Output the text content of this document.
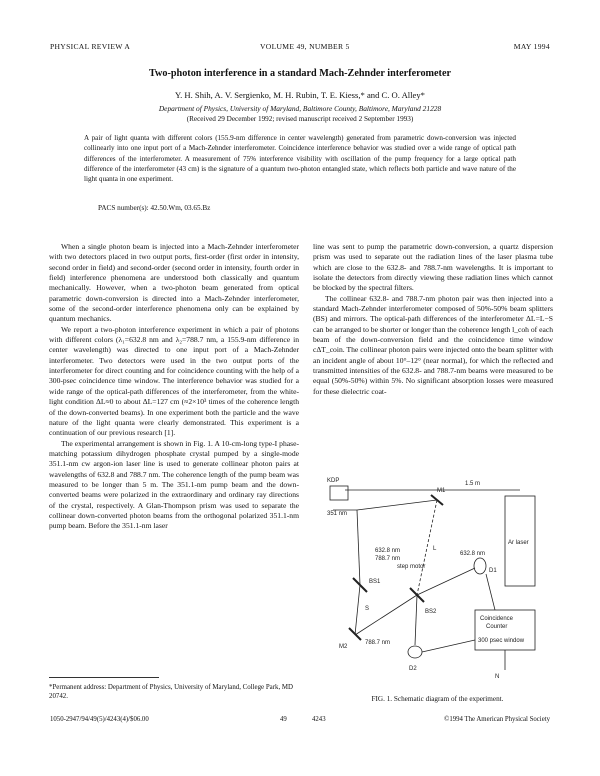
PHYSICAL REVIEW A	VOLUME 49, NUMBER 5	MAY 1994
Two-photon interference in a standard Mach-Zehnder interferometer
Y. H. Shih, A. V. Sergienko, M. H. Rubin, T. E. Kiess,* and C. O. Alley*
Department of Physics, University of Maryland, Baltimore County, Baltimore, Maryland 21228
(Received 29 December 1992; revised manuscript received 2 September 1993)
A pair of light quanta with different colors (155.9-nm difference in center wavelength) generated from parametric down-conversion was injected collinearly into one input port of a Mach-Zehnder interferometer. Coincidence interference behavior was studied over a wide range of optical path differences of the interferometer. A measurement of 75% interference visibility with oscillation of the pump frequency for a large optical path difference of the interferometer (43 cm) is the signature of a quantum two-photon entangled state, which reflects both particle and wave nature of the light quanta in one experiment.
PACS number(s): 42.50.Wm, 03.65.Bz

When a single photon beam is injected into a Mach-Zehnder interferometer with two detectors placed in two output ports, first-order (first order in intensity, second order in field) and second-order (second order in intensity, fourth order in field) interference phenomena are understood both classically and quantum mechanically. However, when a two-photon beam generated from optical parametric down-conversion is directed into a Mach-Zehnder interferometer, some of the second-order interference phenomena only can be explained by quantum mechanics.

We report a two-photon interference experiment in which a pair of photons with different colors (λ₁=632.8 nm and λ₂=788.7 nm, a 155.9-nm difference in center wavelength) was directed to one input port of a Mach-Zehnder interferometer. Two detectors were used in the two output ports of the interferometer for direct counting and for coincidence counting with the help of a 300-psec coincidence time window. The interference behavior was studied for a wide range of the optical-path differences of the interferometer, from the white-light condition ΔL≈0 to about ΔL=127 cm (≈2×10³ times of the coherence length of the down-converted beams). In one experiment both the particle and the wave nature of the light quanta were clearly demonstrated. This experiment is a continuation of our previous research [1].

The experimental arrangement is shown in Fig. 1. A 10-cm-long type-I phase-matching potassium dihydrogen phosphate crystal pumped by a single-mode 351.1-nm cw argon-ion laser line is used to generate collinear photon pairs at wavelengths of 632.8 and 788.7 nm. The coherence length of the pump beam was measured to be longer than 5 m. The 351.1-nm pump beam and the down-converted beams were polarized in the extraordinary and ordinary ray directions of the crystal, respectively. A Glan-Thompson prism was used to separate the collinear down-converted photon beams from the orthogonal polarized 351.1-nm pump beam. Before the 351.1-nm laser

line was sent to pump the parametric down-conversion, a quartz dispersion prism was used to separate out the radiation lines of the laser plasma tube which are close to the 632.8- and 788.7-nm wavelengths. It is important to isolate the detectors from directly viewing these radiation lines which cannot be blocked by the spectral filters.

The collinear 632.8- and 788.7-nm photon pair was then injected into a standard Mach-Zehnder interferometer composed of 50%-50% beam splitters (BS) and mirrors. The optical-path differences of the interferometer ΔL=L−S can be arranged to be shorter or longer than the coherence length l_coh of each beam of the down-conversion field and the coincidence time window cΔT_coin. The collinear photon pairs were injected onto the beam splitter with an incident angle of about 10°–12° (near normal), for which the reflected and transmitted intensities of the 632.8- and 788.7-nm beams were measured to be equal (50%-50%) within 5%. No significant absorption losses were measured for these dielectric coat-

*Permanent address: Department of Physics, University of Maryland, College Park, MD 20742.
KDP	1.5 m
Ar laser
351 nm
M1
L
632.8 nm
788.7 nm
BS1
S
M2
BS2
step motor
D1
632.8 nm
D2
788.7 nm
Coincidence
Counter
300 psec window
N
FIG. 1. Schematic diagram of the experiment.
1050-2947/94/49(5)/4243(4)/$06.00	49	4243	©1994 The American Physical Society
